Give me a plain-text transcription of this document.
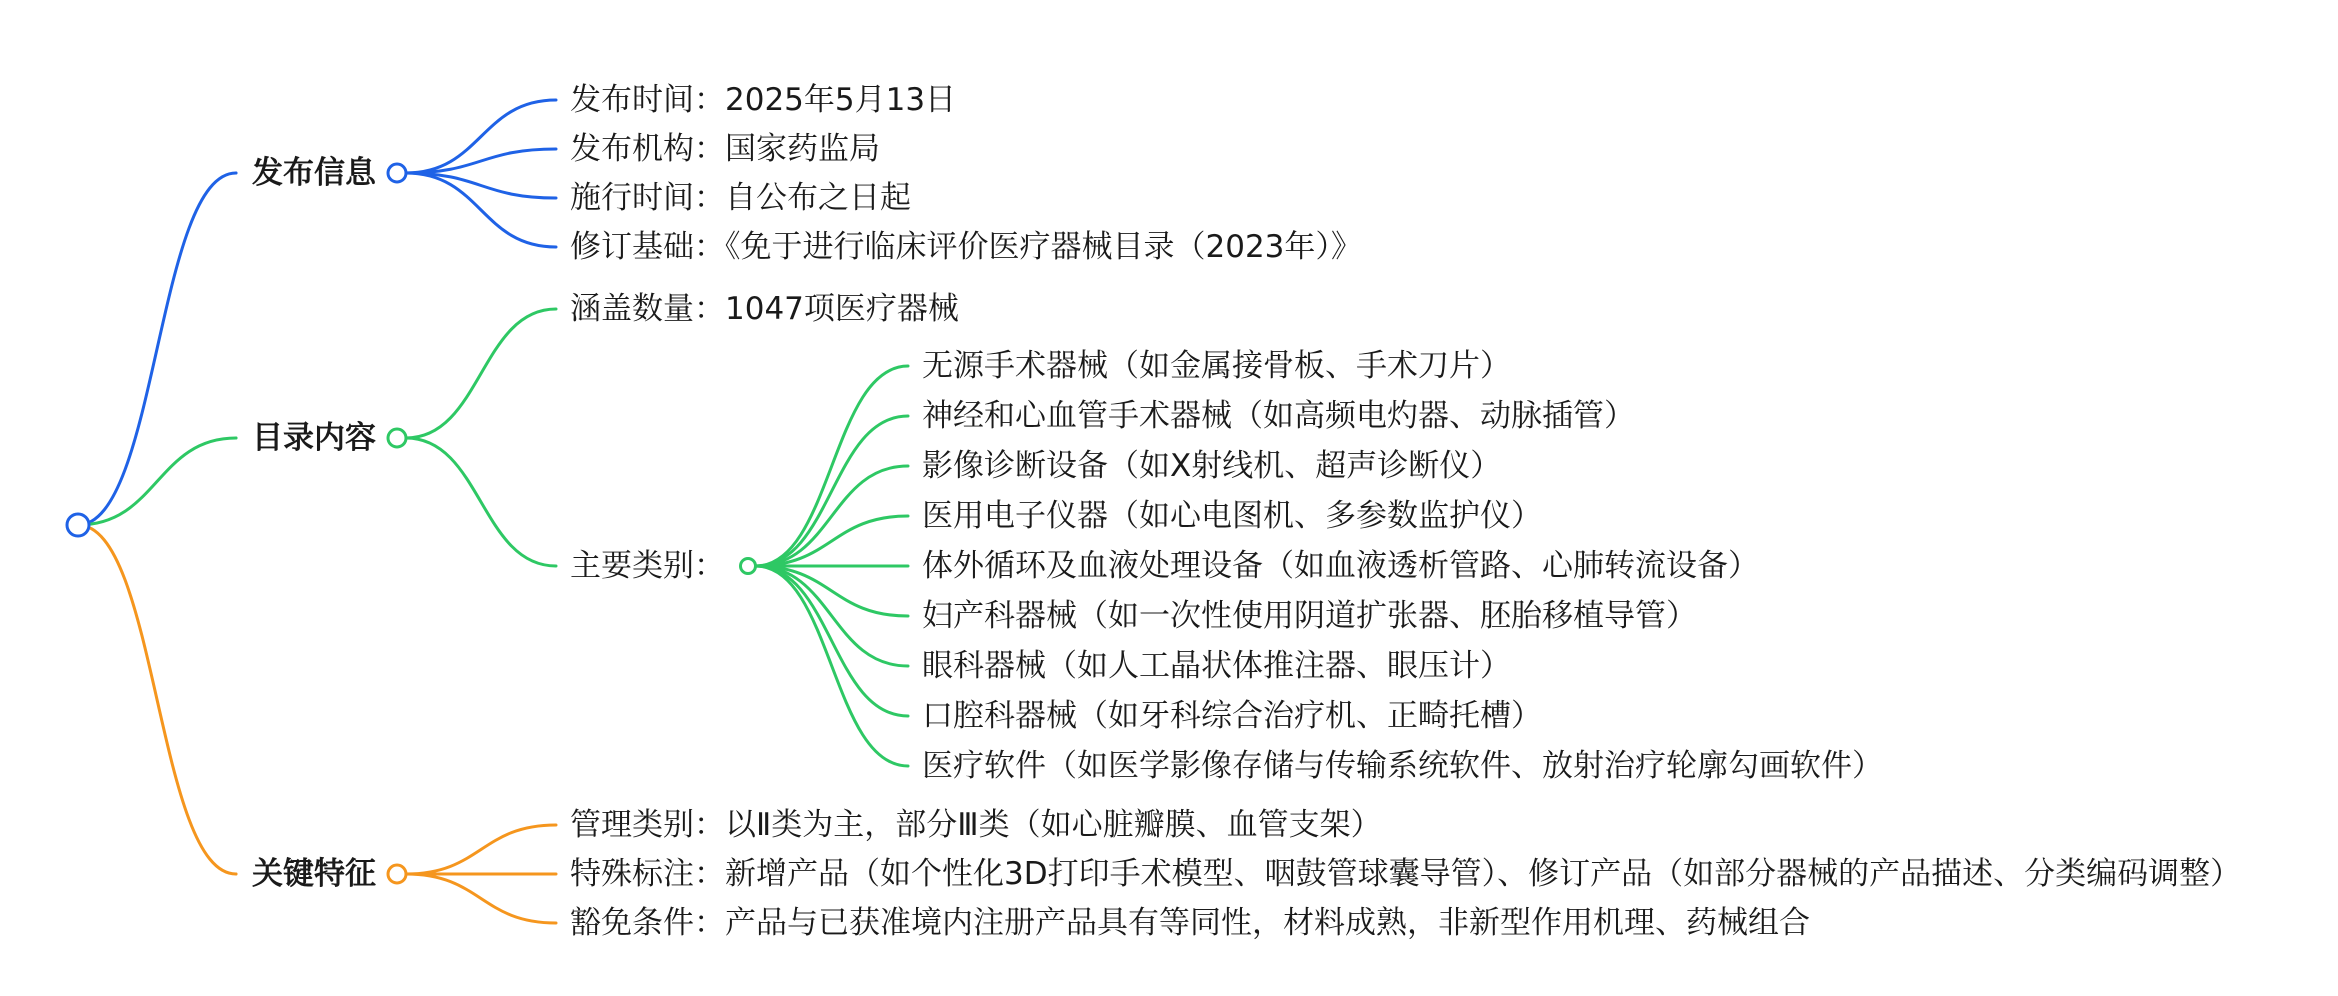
发布信息
发布时间：2025年5月13日
发布机构：国家药监局
施行时间：自公布之日起
修订基础：《免于进行临床评价医疗器械目录（2023年）》
目录内容
涵盖数量：1047项医疗器械
主要类别：
无源手术器械（如金属接骨板、手术刀片）
神经和心血管手术器械（如高频电灼器、动脉插管）
影像诊断设备（如X射线机、超声诊断仪）
医用电子仪器（如心电图机、多参数监护仪）
体外循环及血液处理设备（如血液透析管路、心肺转流设备）
妇产科器械（如一次性使用阴道扩张器、胚胎移植导管）
眼科器械（如人工晶状体推注器、眼压计）
口腔科器械（如牙科综合治疗机、正畸托槽）
医疗软件（如医学影像存储与传输系统软件、放射治疗轮廓勾画软件）
关键特征
管理类别：以Ⅱ类为主，部分Ⅲ类（如心脏瓣膜、血管支架）
特殊标注：新增产品（如个性化3D打印手术模型、咽鼓管球囊导管）、修订产品（如部分器械的产品描述、分类编码调整）
豁免条件：产品与已获准境内注册产品具有等同性，材料成熟，非新型作用机理、药械组合
